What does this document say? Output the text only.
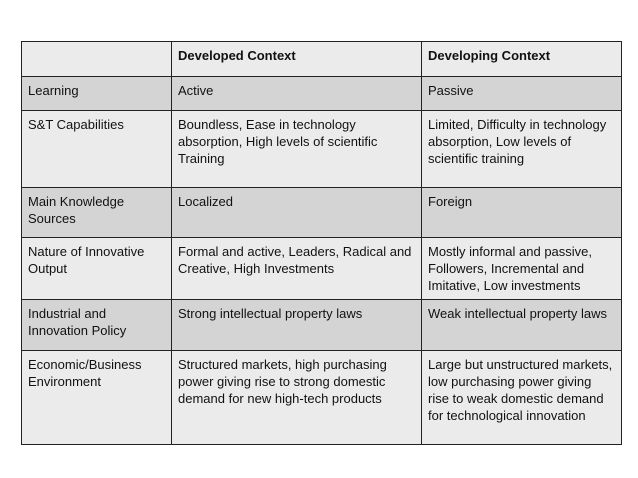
	Developed Context	Developing Context
Learning	Active	Passive
S&T Capabilities	Boundless, Ease in technology absorption, High levels of scientific Training	Limited, Difficulty in technology absorption, Low levels of scientific training
Main Knowledge Sources	Localized	Foreign
Nature of Innovative Output	Formal and active, Leaders, Radical and Creative, High Investments	Mostly informal and passive, Followers, Incremental and Imitative, Low investments
Industrial and Innovation Policy	Strong intellectual property laws	Weak intellectual property laws
Economic/Business Environment	Structured markets, high purchasing power giving rise to strong domestic demand for new high-tech products	Large but unstructured markets, low purchasing power giving rise to weak domestic demand for technological innovation
